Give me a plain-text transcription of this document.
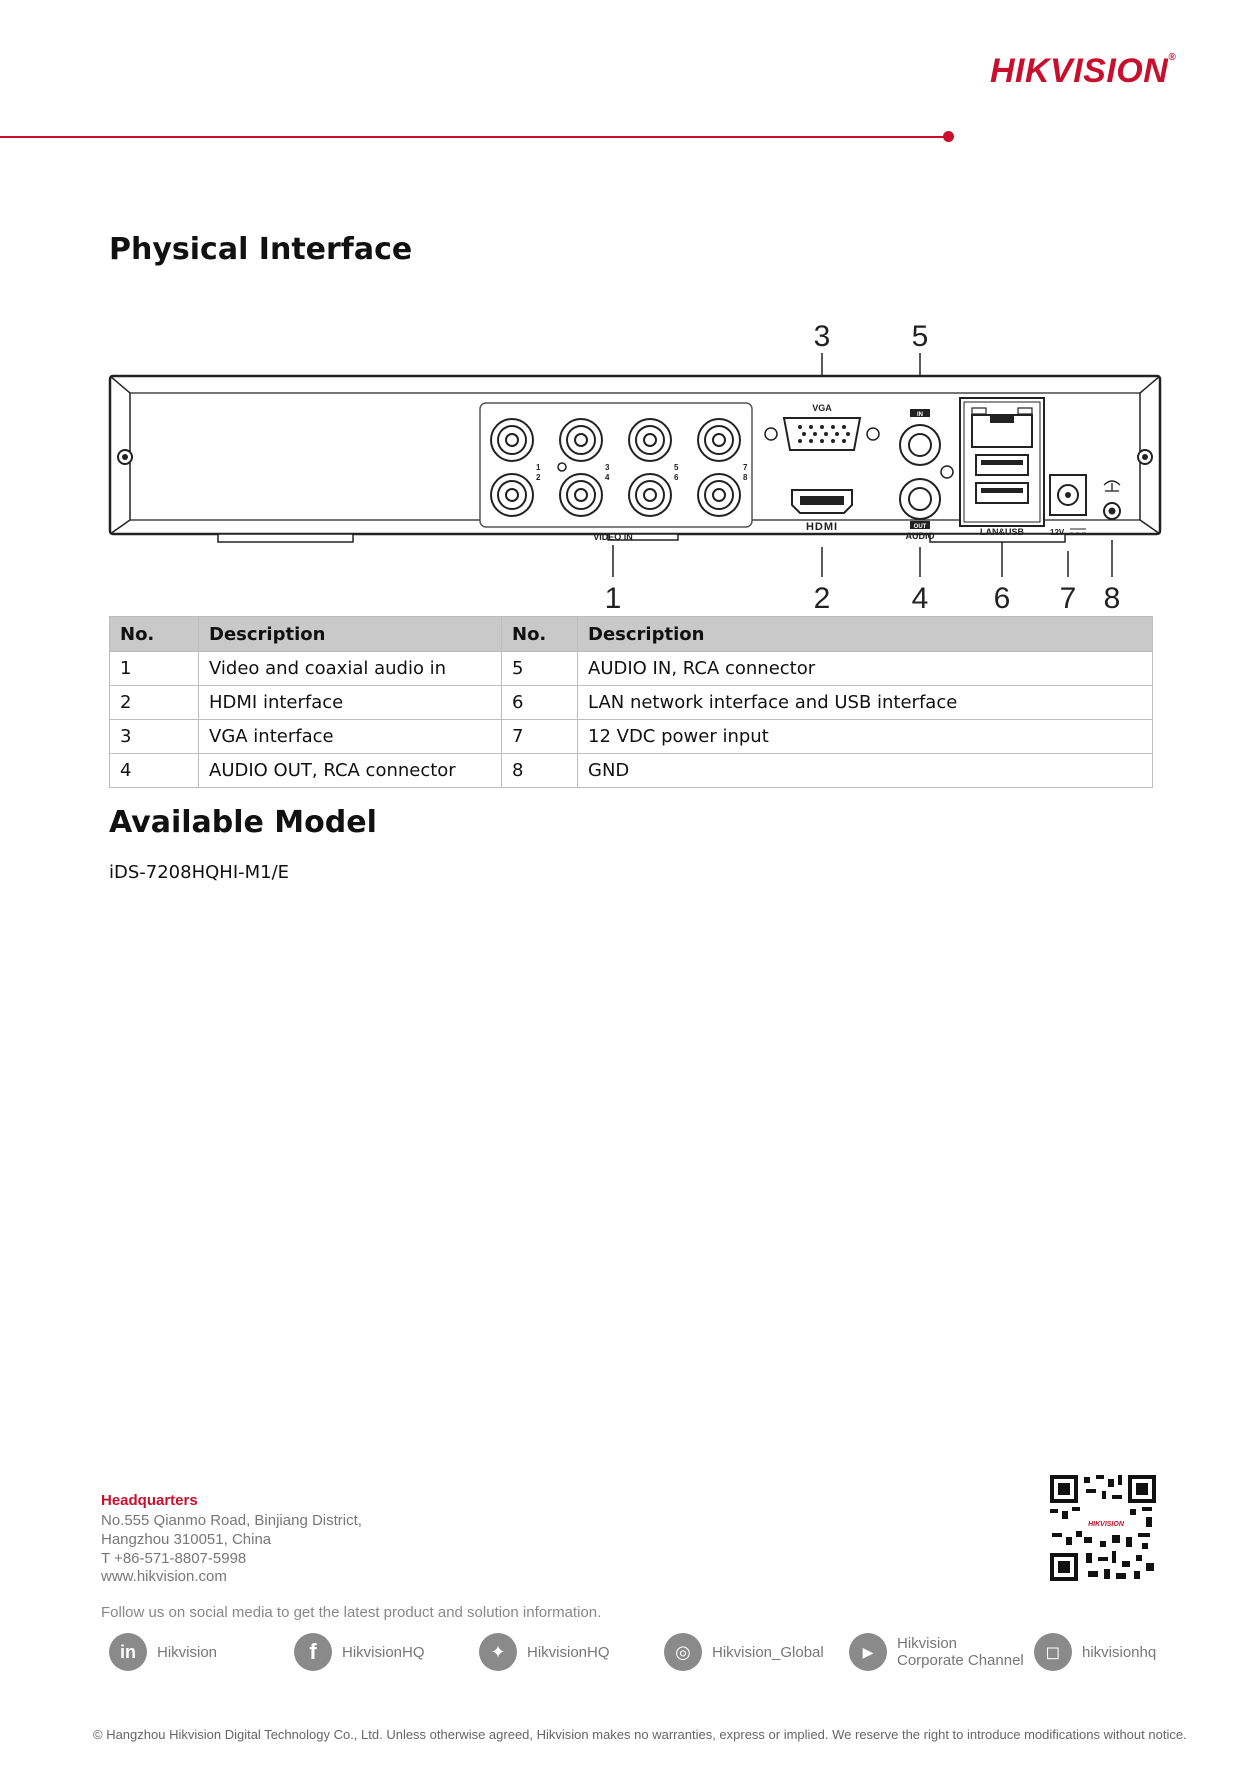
HIKVISION®
Physical Interface
3	5
1	2	4 6 7 8
1
2
3
4
5
6
7
8
VIDEO IN
VGA
HDMI
IN
OUT
AUDIO	LAN&USB	12V
No.	Description	No.	Description
1	Video and coaxial audio in	5	AUDIO IN, RCA connector
2	HDMI interface	6	LAN network interface and USB interface
3	VGA interface	7	12 VDC power input
4	AUDIO OUT, RCA connector	8	GND
Available Model
iDS-7208HQHI-M1/E
Headquarters
No.555 Qianmo Road, Binjiang District,
Hangzhou 310051, China
T +86-571-8807-5998
www.hikvision.com
HIKVISION
Follow us on social media to get the latest product and solution information.
in	Hikvision	f	HikvisionHQ	✦	HikvisionHQ	◎	Hikvision_Global	▶	Hikvision
Corporate Channel	◻	hikvisionhq
© Hangzhou Hikvision Digital Technology Co., Ltd. Unless otherwise agreed, Hikvision makes no warranties, express or implied. We reserve the right to introduce modifications without notice.
